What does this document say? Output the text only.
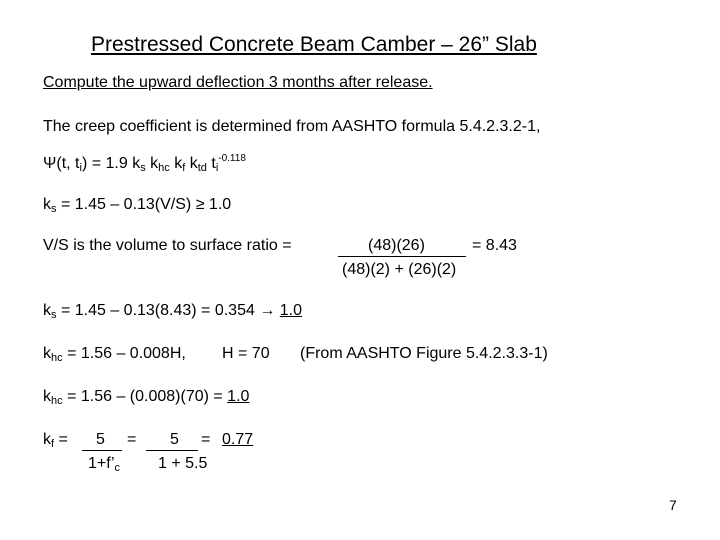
Prestressed Concrete Beam Camber – 26” Slab
Compute the upward deflection 3 months after release.
The creep coefficient is determined from AASHTO formula 5.4.2.3.2-1,
Ψ(t, $t_i) = 1.9$ $k_s$ $k_{hc}$ $k_f$ $k_{td}$ $t_i^{-0.118}$
$k_s = 1.45 - 0.13(V/S) \ge 1.0$
V/S is the volume to surface ratio =	(48)(26)	= 8.43
(48)(2) + (26)(2)
$k_s = 1.45 - 0.13(8.43) = 0.354 \to 1.0$
$k_{hc} = 1.56 - 0.008H$, H = 70 (From AASHTO Figure 5.4.2.3.3-1)
$k_{hc} = 1.56 - (0.008)(70) = 1.0$
$k_f = 5 = 5 = 0.77$
$1+f’_c$ 1 + 5.5
7
